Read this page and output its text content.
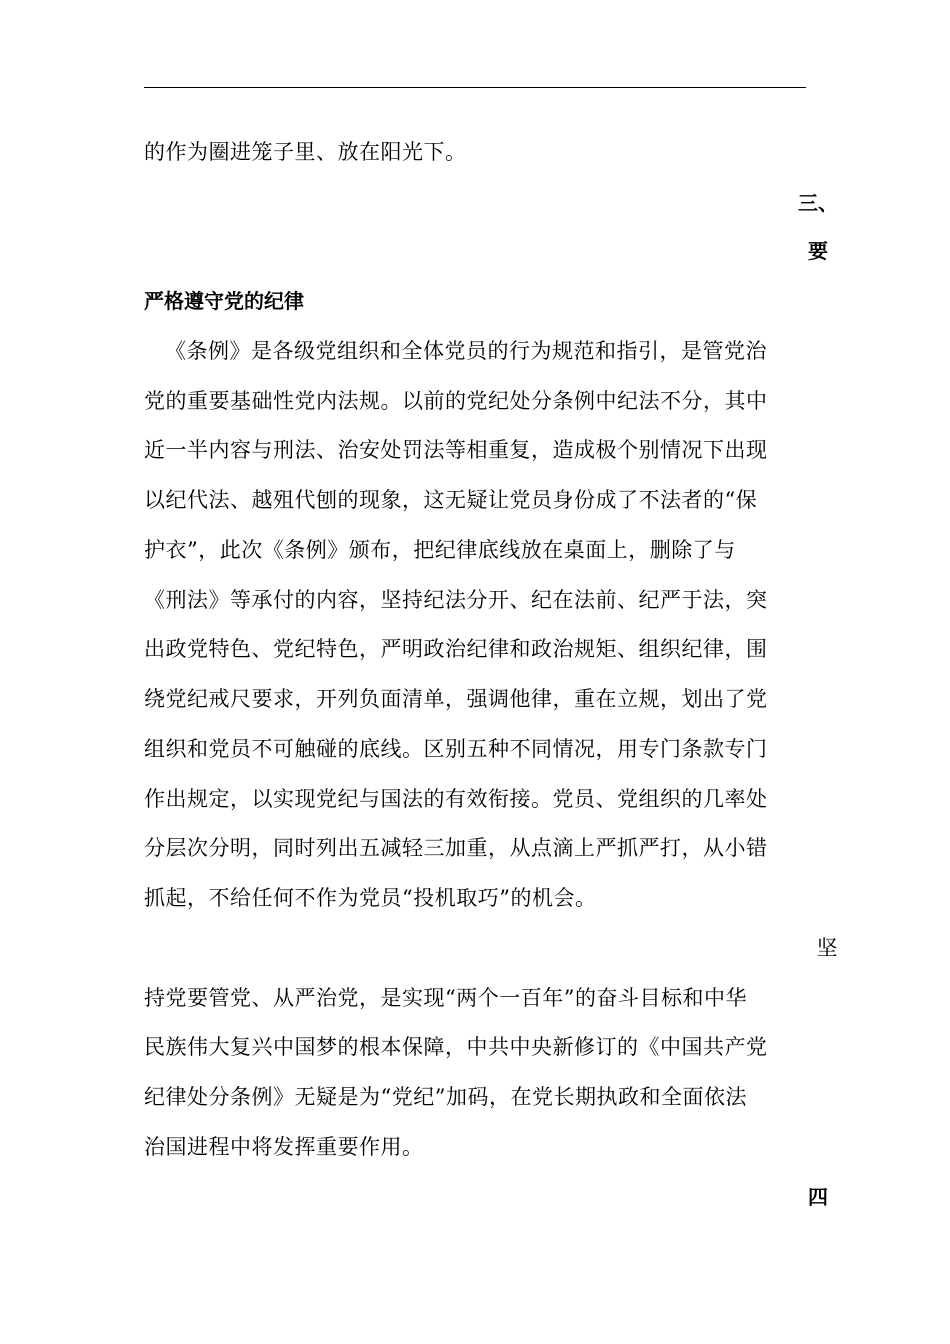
的作为圈进笼子里、放在阳光下。
三、
要
严格遵守党的纪律
《条例》是各级党组织和全体党员的行为规范和指引，是管党治
党的重要基础性党内法规。以前的党纪处分条例中纪法不分，其中
近一半内容与刑法、治安处罚法等相重复，造成极个别情况下出现
以纪代法、越殂代刨的现象，这无疑让党员身份成了不法者的“保
护衣”，此次《条例》颁布，把纪律底线放在桌面上，删除了与
《刑法》等承付的内容，坚持纪法分开、纪在法前、纪严于法，突
出政党特色、党纪特色，严明政治纪律和政治规矩、组织纪律，围
绕党纪戒尺要求，开列负面清单，强调他律，重在立规，划出了党
组织和党员不可触碰的底线。区别五种不同情况，用专门条款专门
作出规定，以实现党纪与国法的有效衔接。党员、党组织的几率处
分层次分明，同时列出五减轻三加重，从点滴上严抓严打，从小错
抓起，不给任何不作为党员“投机取巧”的机会。
坚
持党要管党、从严治党，是实现“两个一百年”的奋斗目标和中华
民族伟大复兴中国梦的根本保障，中共中央新修订的《中国共产党
纪律处分条例》无疑是为“党纪”加码，在党长期执政和全面依法
治国进程中将发挥重要作用。
四
